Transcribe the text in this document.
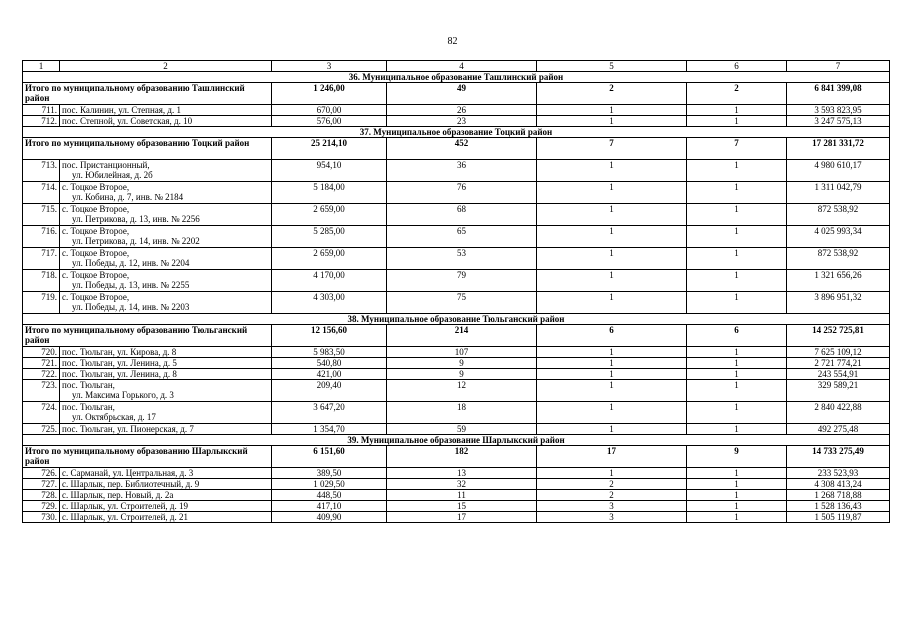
82
1	2	3	4	5	6	7
36. Муниципальное образование Ташлинский район						
Итого по муниципальному образованию Ташлинский район		1 246,00	49	2	2	6 841 399,08
711.	пос. Калинин, ул. Степная, д. 1	670,00	26	1	1	3 593 823,95
712.	пос. Степной, ул. Советская, д. 10	576,00	23	1	1	3 247 575,13
37. Муниципальное образование Тоцкий район						
Итого по муниципальному образованию Тоцкий район		25 214,10	452	7	7	17 281 331,72
713.	пос. Пристанционный,
ул. Юбилейная, д. 2б	954,10	36	1	1	4 980 610,17
714.	с. Тоцкое Второе,
ул. Кобина, д. 7, инв. № 2184	5 184,00	76	1	1	1 311 042,79
715.	с. Тоцкое Второе,
ул. Петрикова, д. 13, инв. № 2256	2 659,00	68	1	1	872 538,92
716.	с. Тоцкое Второе,
ул. Петрикова, д. 14, инв. № 2202	5 285,00	65	1	1	4 025 993,34
717.	с. Тоцкое Второе,
ул. Победы, д. 12, инв. № 2204	2 659,00	53	1	1	872 538,92
718.	с. Тоцкое Второе,
ул. Победы, д. 13, инв. № 2255	4 170,00	79	1	1	1 321 656,26
719.	с. Тоцкое Второе,
ул. Победы, д. 14, инв. № 2203	4 303,00	75	1	1	3 896 951,32
38. Муниципальное образование Тюльганский район						
Итого по муниципальному образованию Тюльганский район		12 156,60	214	6	6	14 252 725,81
720.	пос. Тюльган, ул. Кирова, д. 8	5 983,50	107	1	1	7 625 109,12
721.	пос. Тюльган, ул. Ленина, д. 5	540,80	9	1	1	2 721 774,21
722.	пос. Тюльган, ул. Ленина, д. 8	421,00	9	1	1	243 554,91
723.	пос. Тюльган,
ул. Максима Горького, д. 3	209,40	12	1	1	329 589,21
724.	пос. Тюльган,
ул. Октябрьская, д. 17	3 647,20	18	1	1	2 840 422,88
725.	пос. Тюльган, ул. Пионерская, д. 7	1 354,70	59	1	1	492 275,48
39. Муниципальное образование Шарлыкский район						
Итого по муниципальному образованию Шарлыкский район		6 151,60	182	17	9	14 733 275,49
726.	с. Сарманай, ул. Центральная, д. 3	389,50	13	1	1	233 523,93
727.	с. Шарлык, пер. Библиотечный, д. 9	1 029,50	32	2	1	4 308 413,24
728.	с. Шарлык, пер. Новый, д. 2а	448,50	11	2	1	1 268 718,88
729.	с. Шарлык, ул. Строителей, д. 19	417,10	15	3	1	1 528 136,43
730.	с. Шарлык, ул. Строителей, д. 21	409,90	17	3	1	1 505 119,87
